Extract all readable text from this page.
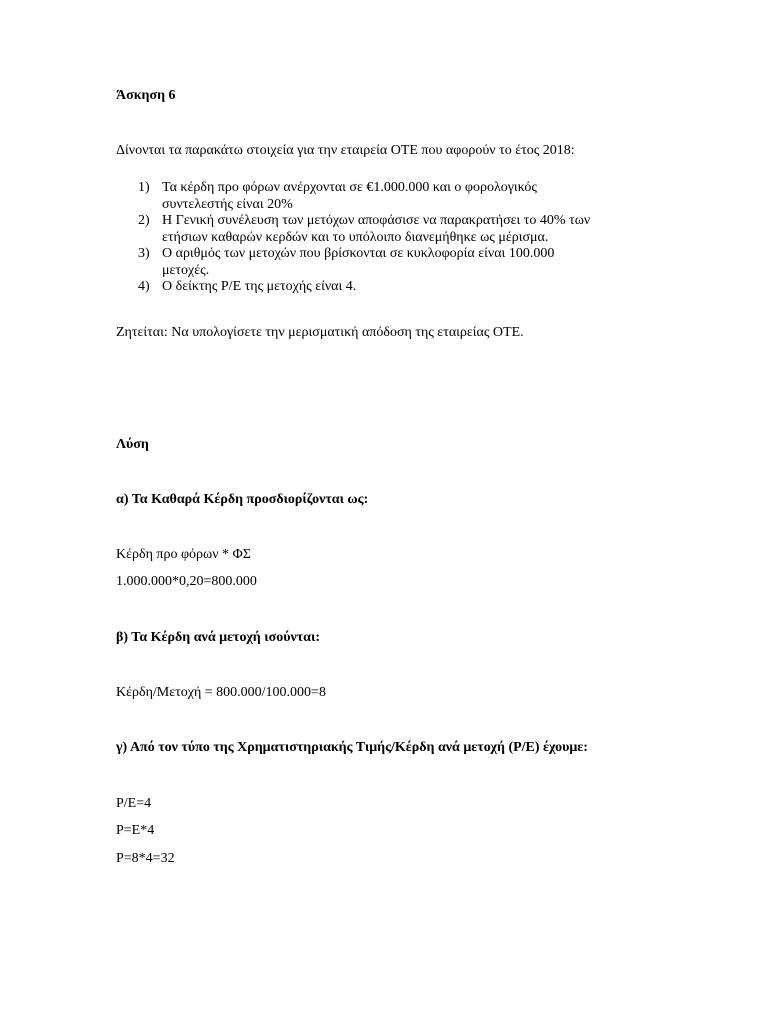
Άσκηση 6
Δίνονται τα παρακάτω στοιχεία για την εταιρεία ΟΤΕ που αφορούν το έτος 2018:
1) Τα κέρδη προ φόρων ανέρχονται σε €1.000.000 και ο φορολογικός
συντελεστής είναι 20%
2) Η Γενική συνέλευση των μετόχων αποφάσισε να παρακρατήσει το 40% των
ετήσιων καθαρών κερδών και το υπόλοιπο διανεμήθηκε ως μέρισμα.
3) Ο αριθμός των μετοχών που βρίσκονται σε κυκλοφορία είναι 100.000
μετοχές.
4) Ο δείκτης P/E της μετοχής είναι 4.
Ζητείται: Να υπολογίσετε την μερισματική απόδοση της εταιρείας ΟΤΕ.
Λύση
α) Τα Καθαρά Κέρδη προσδιορίζονται ως:
Κέρδη προ φόρων * ΦΣ
1.000.000*0,20=800.000
β) Τα Κέρδη ανά μετοχή ισούνται:
Κέρδη/Μετοχή = 800.000/100.000=8
γ) Από τον τύπο της Χρηματιστηριακής Τιμής/Κέρδη ανά μετοχή (P/E) έχουμε:
P/E=4
P=E*4
P=8*4=32
